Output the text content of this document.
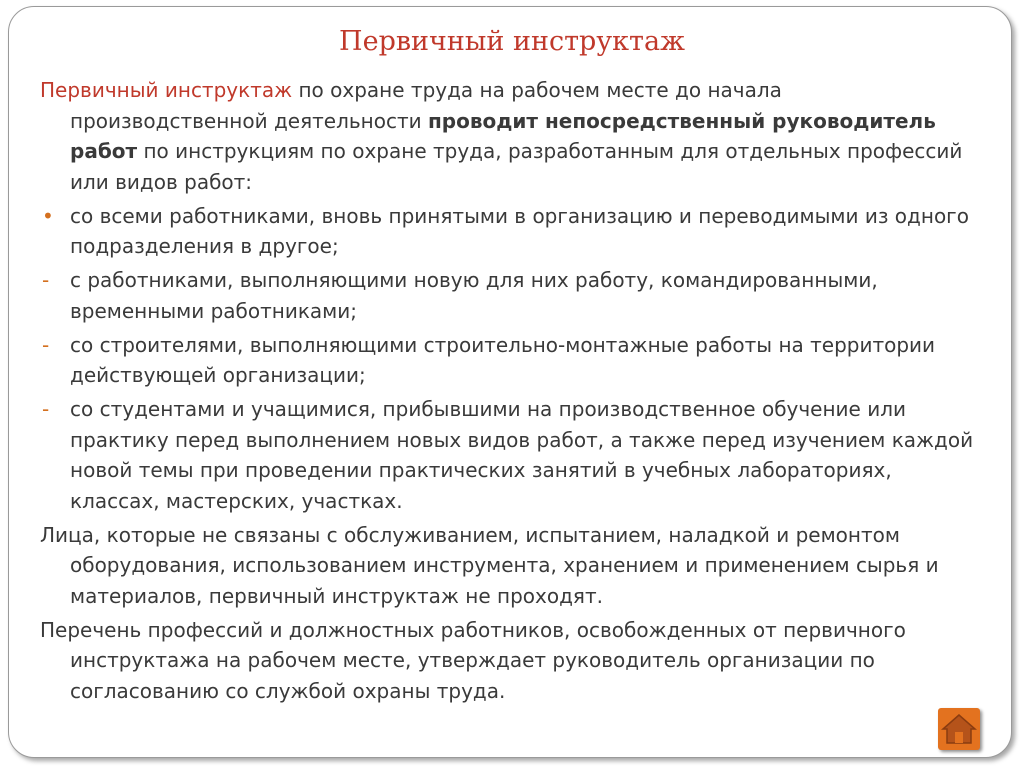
Первичный инструктаж

Первичный инструктаж по охране труда на рабочем месте до начала производственной деятельности проводит непосредственный руководитель работ по инструкциям по охране труда, разработанным для отдельных профессий или видов работ:

• со всеми работниками, вновь принятыми в организацию и переводимыми из одного подразделения в другое;

- с работниками, выполняющими новую для них работу, командированными, временными работниками;

- со строителями, выполняющими строительно-монтажные работы на территории действующей организации;

- со студентами и учащимися, прибывшими на производственное обучение или практику перед выполнением новых видов работ, а также перед изучением каждой новой темы при проведении практических занятий в учебных лабораториях, классах, мастерских, участках.

Лица, которые не связаны с обслуживанием, испытанием, наладкой и ремонтом оборудования, использованием инструмента, хранением и применением сырья и материалов, первичный инструктаж не проходят.

Перечень профессий и должностных работников, освобожденных от первичного инструктажа на рабочем месте, утверждает руководитель организации по согласованию со службой охраны труда.
